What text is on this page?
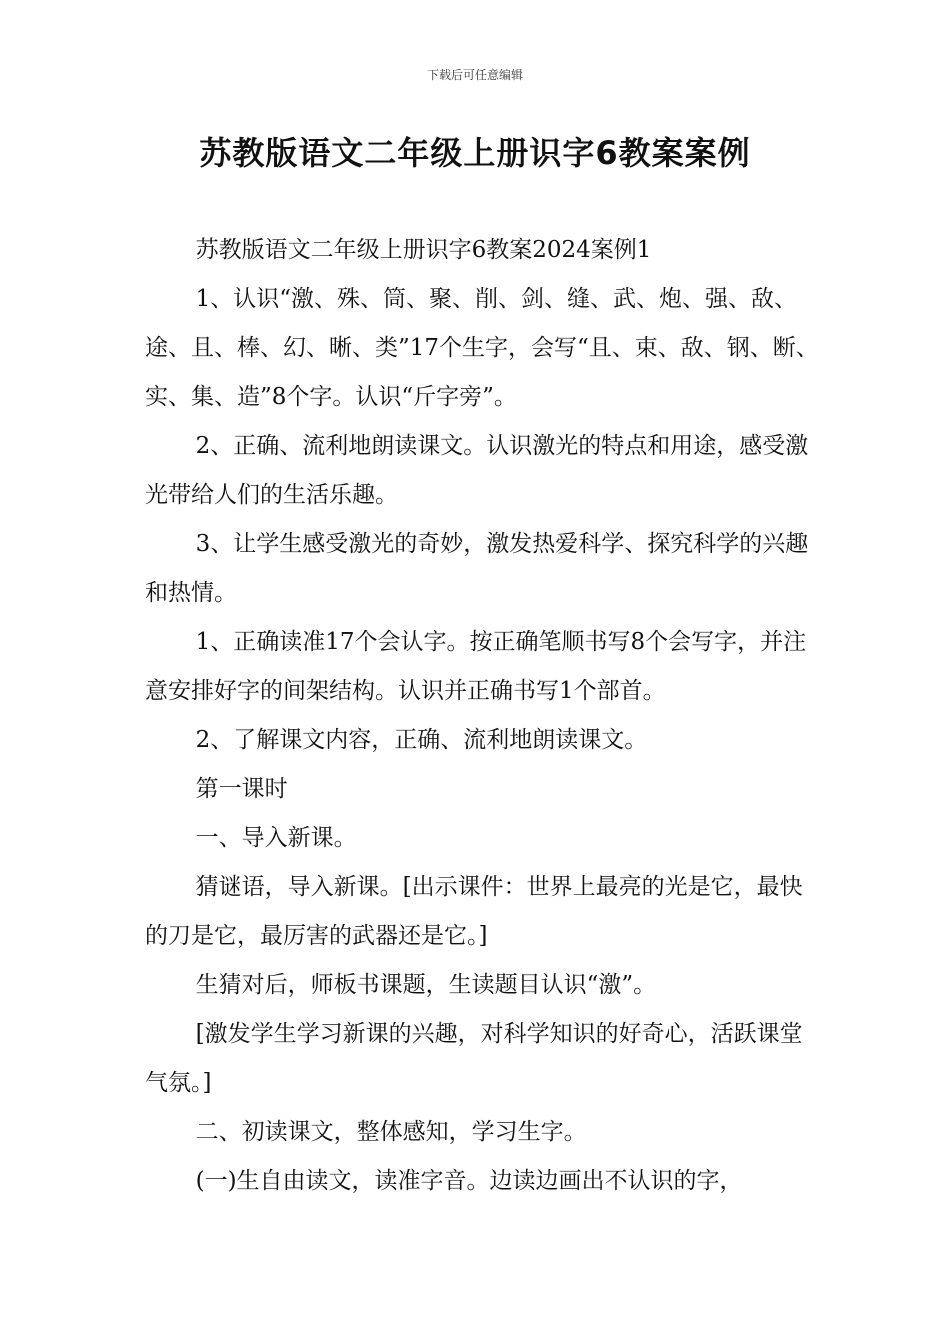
下载后可任意编辑
苏教版语文二年级上册识字6教案案例

苏教版语文二年级上册识字6教案2024案例1

1、认识“激、殊、筒、聚、削、剑、缝、武、炮、强、敌、途、且、棒、幻、晰、类”17个生字，会写“且、束、敌、钢、断、实、集、造”8个字。认识“斤字旁”。

2、正确、流利地朗读课文。认识激光的特点和用途，感受激光带给人们的生活乐趣。

3、让学生感受激光的奇妙，激发热爱科学、探究科学的兴趣和热情。

1、正确读准17个会认字。按正确笔顺书写8个会写字，并注意安排好字的间架结构。认识并正确书写1个部首。

2、了解课文内容，正确、流利地朗读课文。

第一课时

一、导入新课。

猜谜语，导入新课。[出示课件：世界上最亮的光是它，最快的刀是它，最厉害的武器还是它。]

生猜对后，师板书课题，生读题目认识“激”。

[激发学生学习新课的兴趣，对科学知识的好奇心，活跃课堂气氛。]

二、初读课文，整体感知，学习生字。

(一)生自由读文，读准字音。边读边画出不认识的字，
